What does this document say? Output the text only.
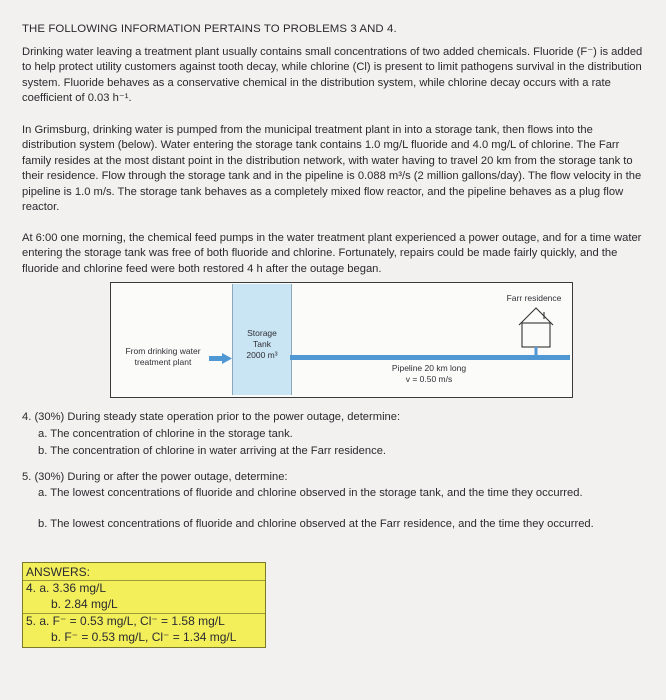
THE FOLLOWING INFORMATION PERTAINS TO PROBLEMS 3 AND 4.
Drinking water leaving a treatment plant usually contains small concentrations of two added chemicals. Fluoride (F⁻) is added to help protect utility customers against tooth decay, while chlorine (Cl) is present to limit pathogens survival in the distribution system. Fluoride behaves as a conservative chemical in the distribution system, while chlorine decay occurs with a rate coefficient of 0.03 h⁻¹.
In Grimsburg, drinking water is pumped from the municipal treatment plant in into a storage tank, then flows into the distribution system (below). Water entering the storage tank contains 1.0 mg/L fluoride and 4.0 mg/L of chlorine. The Farr family resides at the most distant point in the distribution network, with water having to travel 20 km from the storage tank to their residence. Flow through the storage tank and in the pipeline is 0.088 m³/s (2 million gallons/day). The flow velocity in the pipeline is 1.0 m/s. The storage tank behaves as a completely mixed flow reactor, and the pipeline behaves as a plug flow reactor.
At 6:00 one morning, the chemical feed pumps in the water treatment plant experienced a power outage, and for a time water entering the storage tank was free of both fluoride and chlorine. Fortunately, repairs could be made fairly quickly, and the fluoride and chlorine feed were both restored 4 h after the outage began.
From drinking water
treatment plant
Storage
Tank
2000 m³
Pipeline 20 km long
v = 0.50 m/s
Farr residence
4. (30%) During steady state operation prior to the power outage, determine:
a. The concentration of chlorine in the storage tank.
b. The concentration of chlorine in water arriving at the Farr residence.
5. (30%) During or after the power outage, determine:
a. The lowest concentrations of fluoride and chlorine observed in the storage tank, and the time they occurred.
b. The lowest concentrations of fluoride and chlorine observed at the Farr residence, and the time they occurred.
ANSWERS:
4. a. 3.36 mg/L
b. 2.84 mg/L
5. a. F⁻ = 0.53 mg/L, Cl⁻ = 1.58 mg/L
b. F⁻ = 0.53 mg/L, Cl⁻ = 1.34 mg/L
